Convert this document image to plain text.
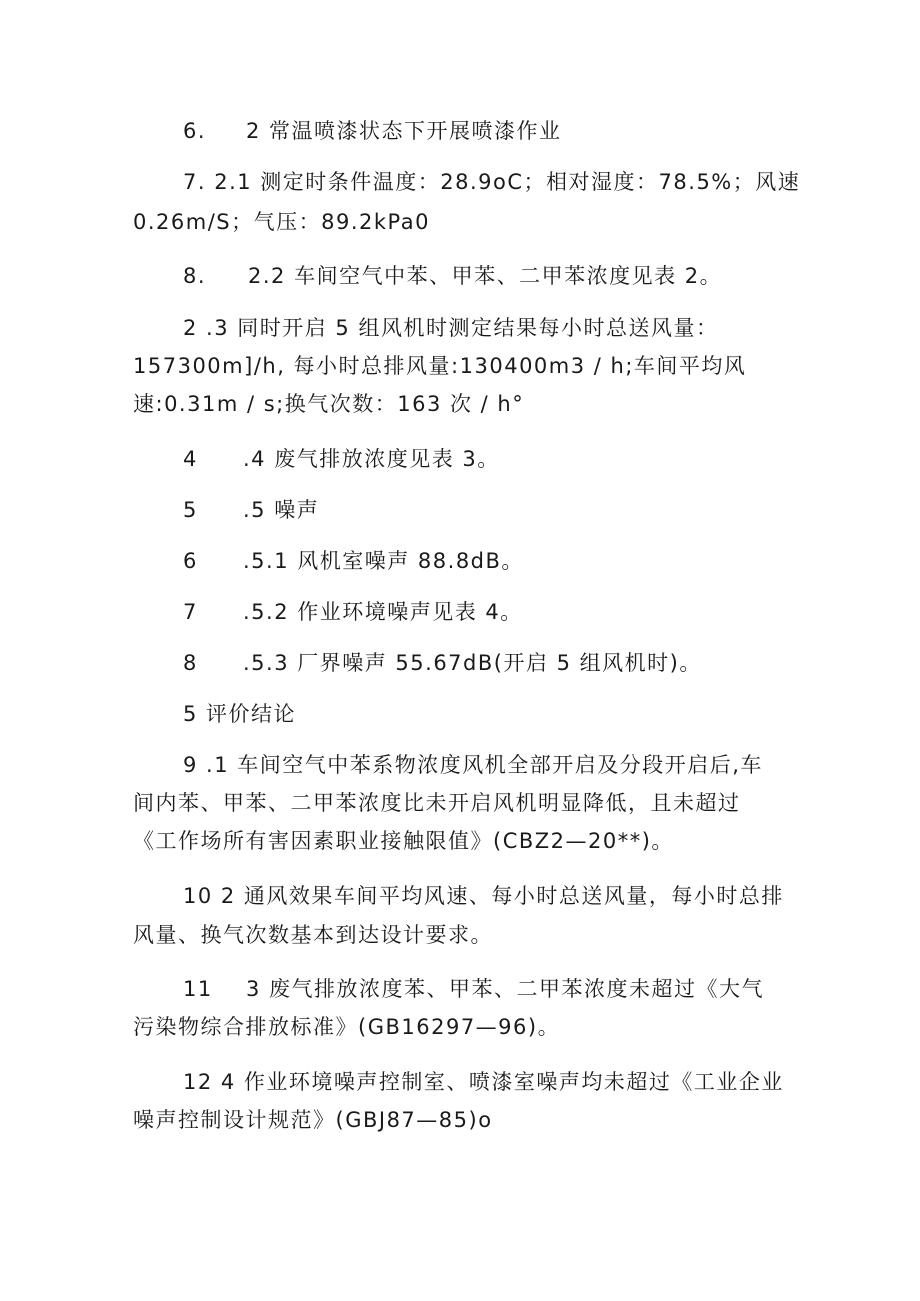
6. 2 常温喷漆状态下开展喷漆作业
7. 2.1 测定时条件温度：28.9oC；相对湿度：78.5%；风速
0.26m/S；气压：89.2kPa0
8. 2.2 车间空气中苯、甲苯、二甲苯浓度见表 2。
2 .3 同时开启 5 组风机时测定结果每小时总送风量：
157300m]/h, 每小时总排风量:130400m3 / h;车间平均风
速:0.31m / s;换气次数：163 次 / h°
4 .4 废气排放浓度见表 3。
5 .5 噪声
6 .5.1 风机室噪声 88.8dB。
7 .5.2 作业环境噪声见表 4。
8 .5.3 厂界噪声 55.67dB(开启 5 组风机时)。
5 评价结论
9 .1 车间空气中苯系物浓度风机全部开启及分段开启后,车
间内苯、甲苯、二甲苯浓度比未开启风机明显降低，且未超过
《工作场所有害因素职业接触限值》(CBZ2—20**)。
10 2 通风效果车间平均风速、每小时总送风量，每小时总排
风量、换气次数基本到达设计要求。
11 3 废气排放浓度苯、甲苯、二甲苯浓度未超过《大气
污染物综合排放标准》(GB16297—96)。
12 4 作业环境噪声控制室、喷漆室噪声均未超过《工业企业
噪声控制设计规范》(GBJ87—85)o
